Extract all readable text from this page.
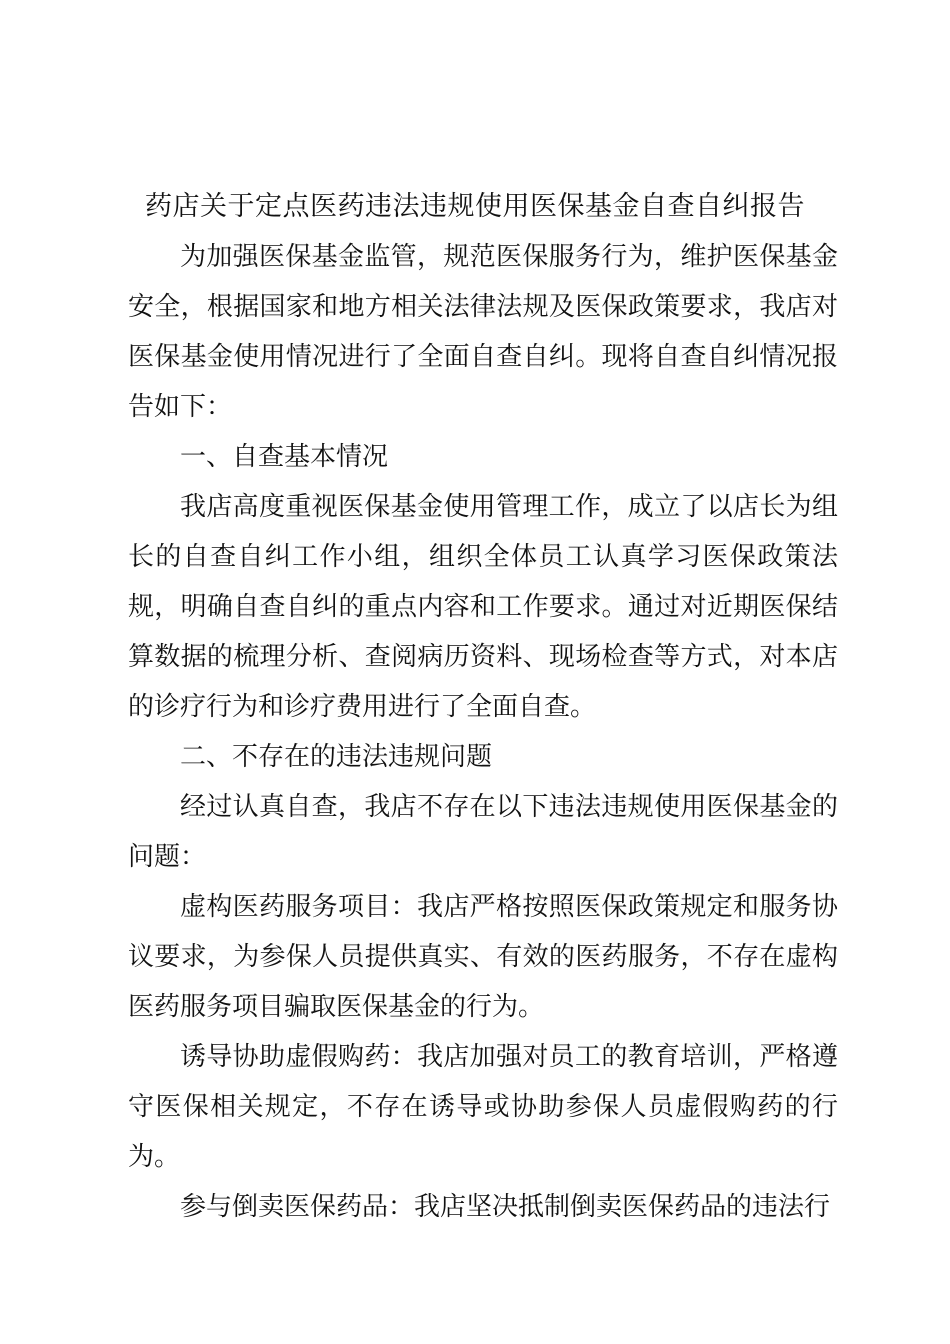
药店关于定点医药违法违规使用医保基金自查自纠报告

为加强医保基金监管，规范医保服务行为，维护医保基金安全，根据国家和地方相关法律法规及医保政策要求，我店对医保基金使用情况进行了全面自查自纠。现将自查自纠情况报告如下：

一、自查基本情况

我店高度重视医保基金使用管理工作，成立了以店长为组长的自查自纠工作小组，组织全体员工认真学习医保政策法规，明确自查自纠的重点内容和工作要求。通过对近期医保结算数据的梳理分析、查阅病历资料、现场检查等方式，对本店的诊疗行为和诊疗费用进行了全面自查。

二、不存在的违法违规问题

经过认真自查，我店不存在以下违法违规使用医保基金的问题：

虚构医药服务项目：我店严格按照医保政策规定和服务协议要求，为参保人员提供真实、有效的医药服务，不存在虚构医药服务项目骗取医保基金的行为。

诱导协助虚假购药：我店加强对员工的教育培训，严格遵守医保相关规定，不存在诱导或协助参保人员虚假购药的行为。

参与倒卖医保药品：我店坚决抵制倒卖医保药品的违法行
